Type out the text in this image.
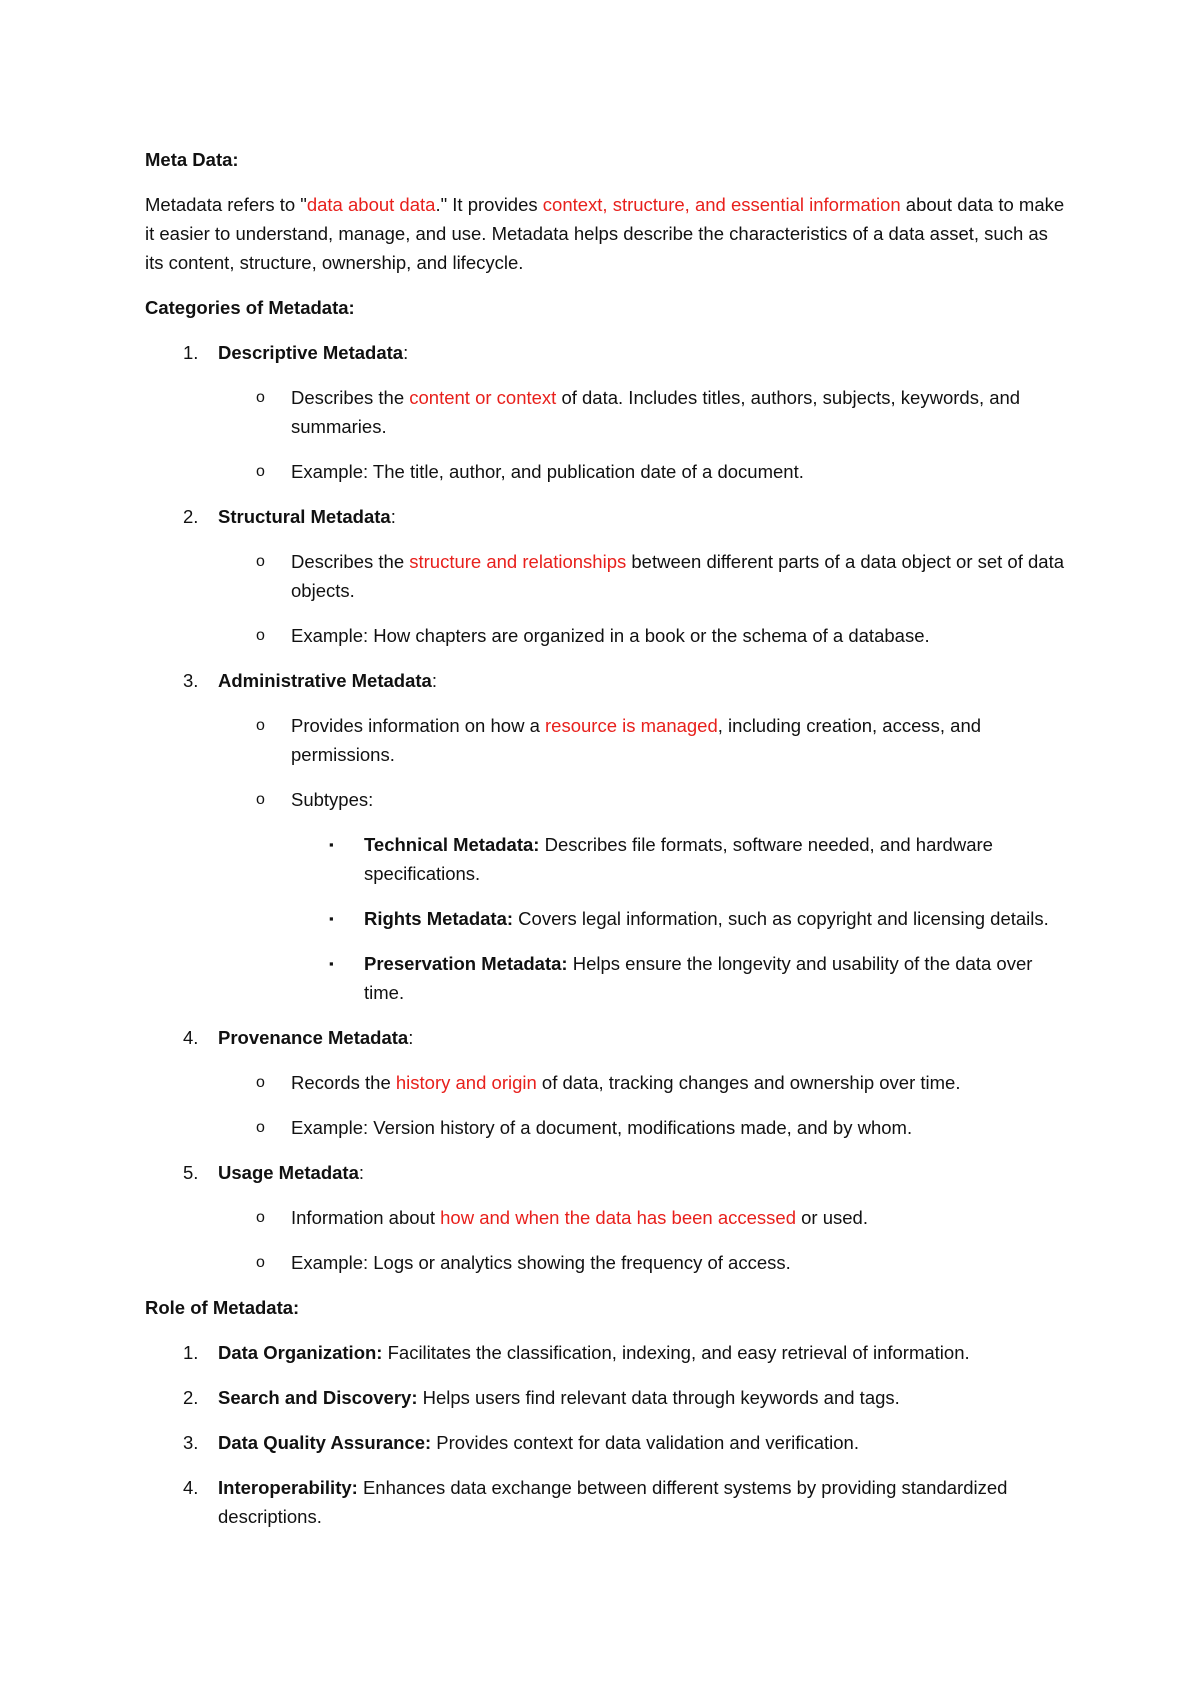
Meta Data:

Metadata refers to "data about data." It provides context, structure, and essential information about data to make it easier to understand, manage, and use. Metadata helps describe the characteristics of a data asset, such as its content, structure, ownership, and lifecycle.

Categories of Metadata:

1. Descriptive Metadata:
o Describes the content or context of data. Includes titles, authors, subjects, keywords, and summaries.
o Example: The title, author, and publication date of a document.
2. Structural Metadata:
o Describes the structure and relationships between different parts of a data object or set of data objects.
o Example: How chapters are organized in a book or the schema of a database.
3. Administrative Metadata:
o Provides information on how a resource is managed, including creation, access, and permissions.
o Subtypes:
▪ Technical Metadata: Describes file formats, software needed, and hardware specifications.
▪ Rights Metadata: Covers legal information, such as copyright and licensing details.
▪ Preservation Metadata: Helps ensure the longevity and usability of the data over time.
4. Provenance Metadata:
o Records the history and origin of data, tracking changes and ownership over time.
o Example: Version history of a document, modifications made, and by whom.
5. Usage Metadata:
o Information about how and when the data has been accessed or used.
o Example: Logs or analytics showing the frequency of access.

Role of Metadata:

1. Data Organization: Facilitates the classification, indexing, and easy retrieval of information.
2. Search and Discovery: Helps users find relevant data through keywords and tags.
3. Data Quality Assurance: Provides context for data validation and verification.
4. Interoperability: Enhances data exchange between different systems by providing standardized descriptions.
